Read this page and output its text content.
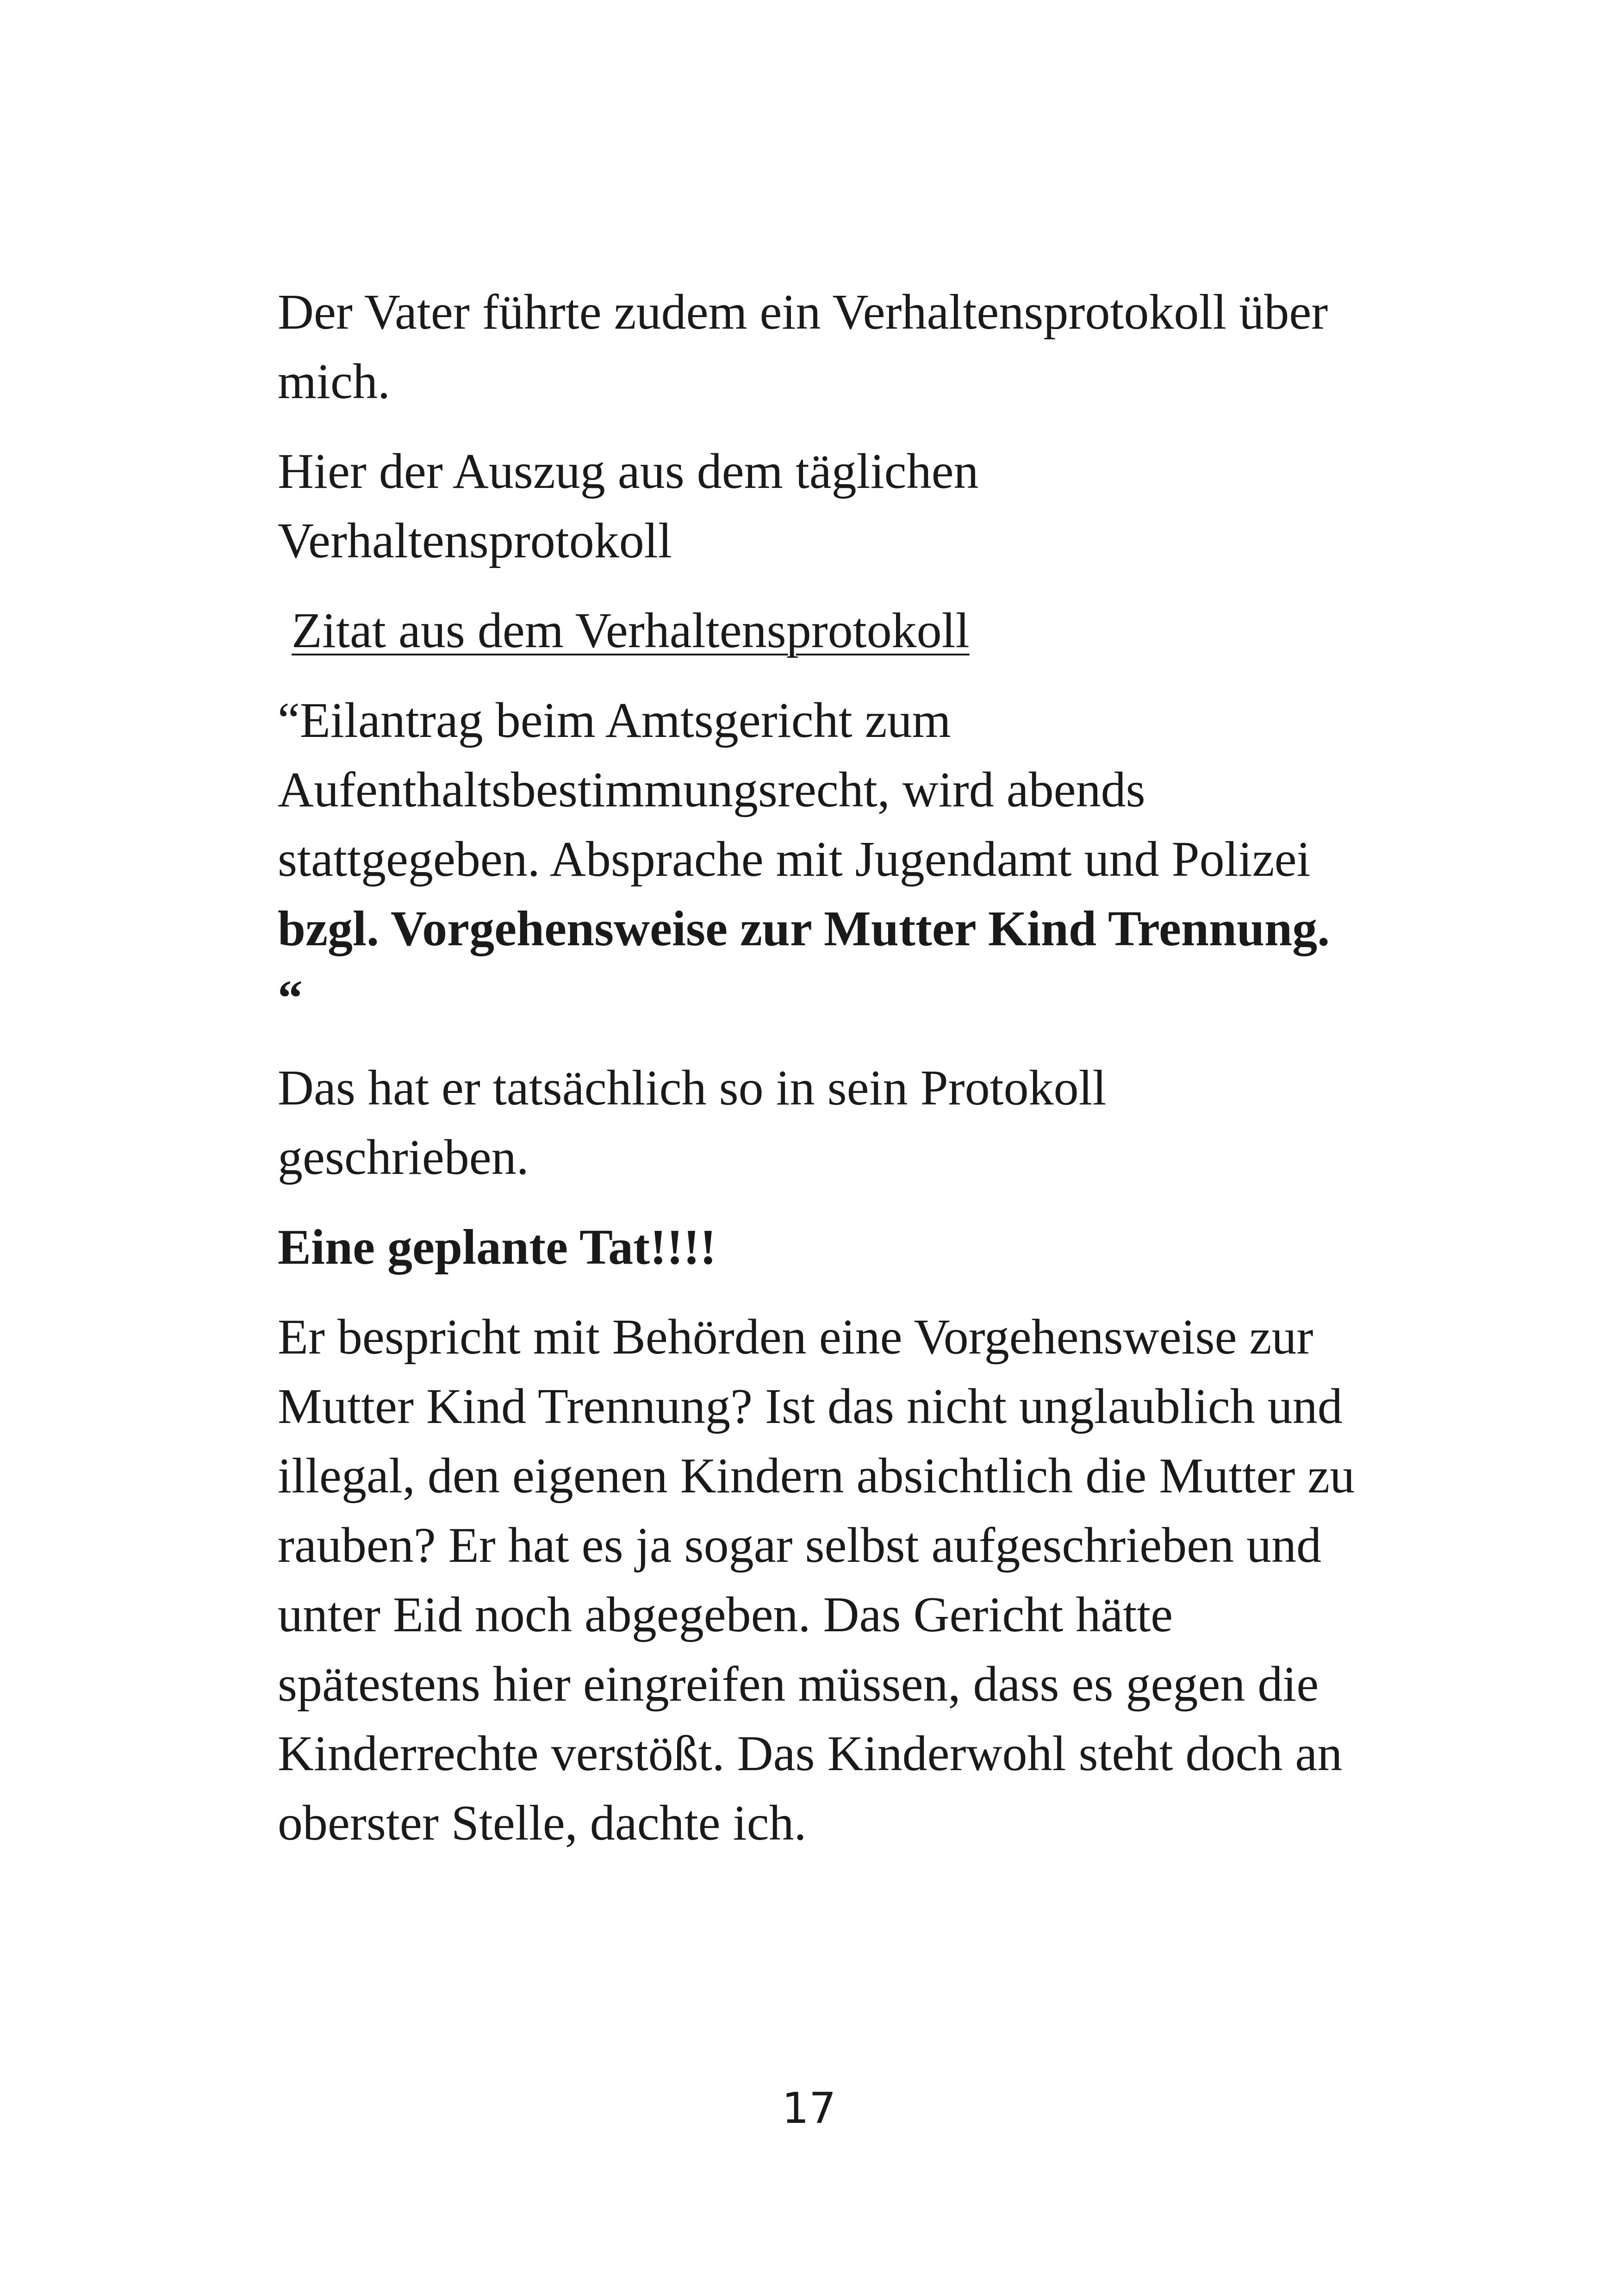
Der Vater führte zudem ein Verhaltensprotokoll über mich.

Hier der Auszug aus dem täglichen Verhaltensprotokoll

Zitat aus dem Verhaltensprotokoll

“Eilantrag beim Amtsgericht zum Aufenthaltsbestimmungsrecht, wird abends stattgegeben. Absprache mit Jugendamt und Polizei bzgl. Vorgehensweise zur Mutter Kind Trennung. “

Das hat er tatsächlich so in sein Protokoll geschrieben.

Eine geplante Tat!!!!

Er bespricht mit Behörden eine Vorgehensweise zur Mutter Kind Trennung? Ist das nicht unglaublich und illegal, den eigenen Kindern absichtlich die Mutter zu rauben? Er hat es ja sogar selbst aufgeschrieben und unter Eid noch abgegeben. Das Gericht hätte spätestens hier eingreifen müssen, dass es gegen die Kinderrechte verstößt. Das Kinderwohl steht doch an oberster Stelle, dachte ich.

17
